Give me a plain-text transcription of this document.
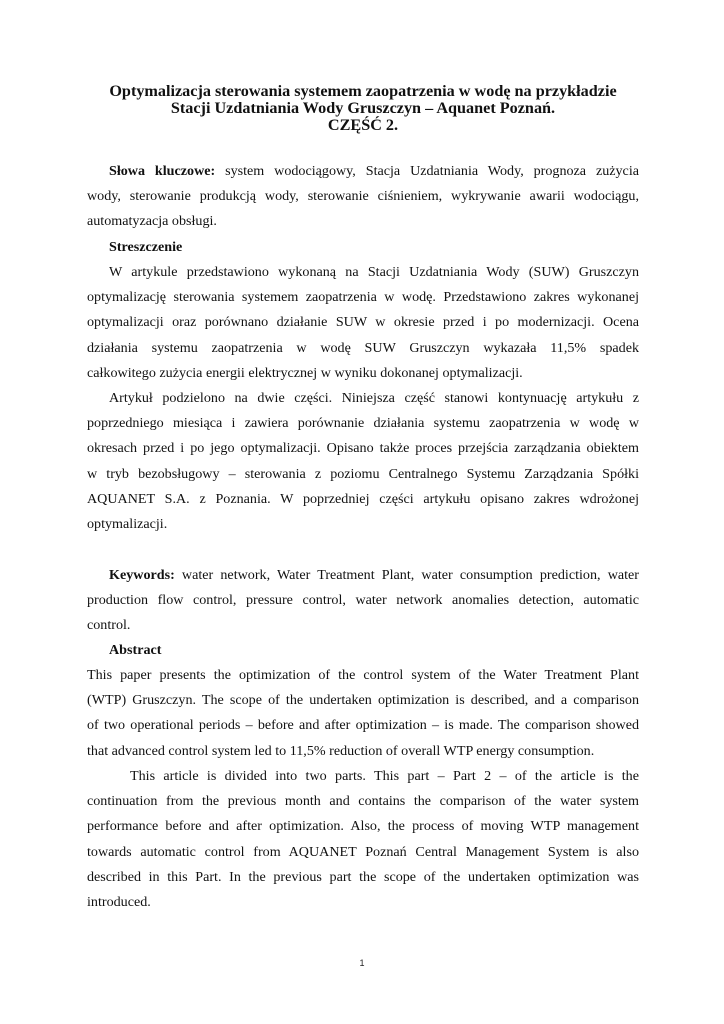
Optymalizacja sterowania systemem zaopatrzenia w wodę na przykładzie
Stacji Uzdatniania Wody Gruszczyn – Aquanet Poznań.
CZĘŚĆ 2.

Słowa kluczowe: system wodociągowy, Stacja Uzdatniania Wody, prognoza zużycia
wody, sterowanie produkcją wody, sterowanie ciśnieniem, wykrywanie awarii wodociągu,
automatyzacja obsługi.

Streszczenie

W artykule przedstawiono wykonaną na Stacji Uzdatniania Wody (SUW) Gruszczyn
optymalizację sterowania systemem zaopatrzenia w wodę. Przedstawiono zakres wykonanej
optymalizacji oraz porównano działanie SUW w okresie przed i po modernizacji. Ocena
działania systemu zaopatrzenia w wodę SUW Gruszczyn wykazała 11,5% spadek
całkowitego zużycia energii elektrycznej w wyniku dokonanej optymalizacji.

Artykuł podzielono na dwie części. Niniejsza część stanowi kontynuację artykułu z
poprzedniego miesiąca i zawiera porównanie działania systemu zaopatrzenia w wodę w
okresach przed i po jego optymalizacji. Opisano także proces przejścia zarządzania obiektem
w tryb bezobsługowy – sterowania z poziomu Centralnego Systemu Zarządzania Spółki
AQUANET S.A. z Poznania. W poprzedniej części artykułu opisano zakres wdrożonej
optymalizacji.

Keywords: water network, Water Treatment Plant, water consumption prediction, water
production flow control, pressure control, water network anomalies detection, automatic
control.

Abstract

This paper presents the optimization of the control system of the Water Treatment Plant
(WTP) Gruszczyn. The scope of the undertaken optimization is described, and a comparison
of two operational periods – before and after optimization – is made. The comparison showed
that advanced control system led to 11,5% reduction of overall WTP energy consumption.

This article is divided into two parts. This part – Part 2 – of the article is the
continuation from the previous month and contains the comparison of the water system
performance before and after optimization. Also, the process of moving WTP management
towards automatic control from AQUANET Poznań Central Management System is also
described in this Part. In the previous part the scope of the undertaken optimization was
introduced.

1
